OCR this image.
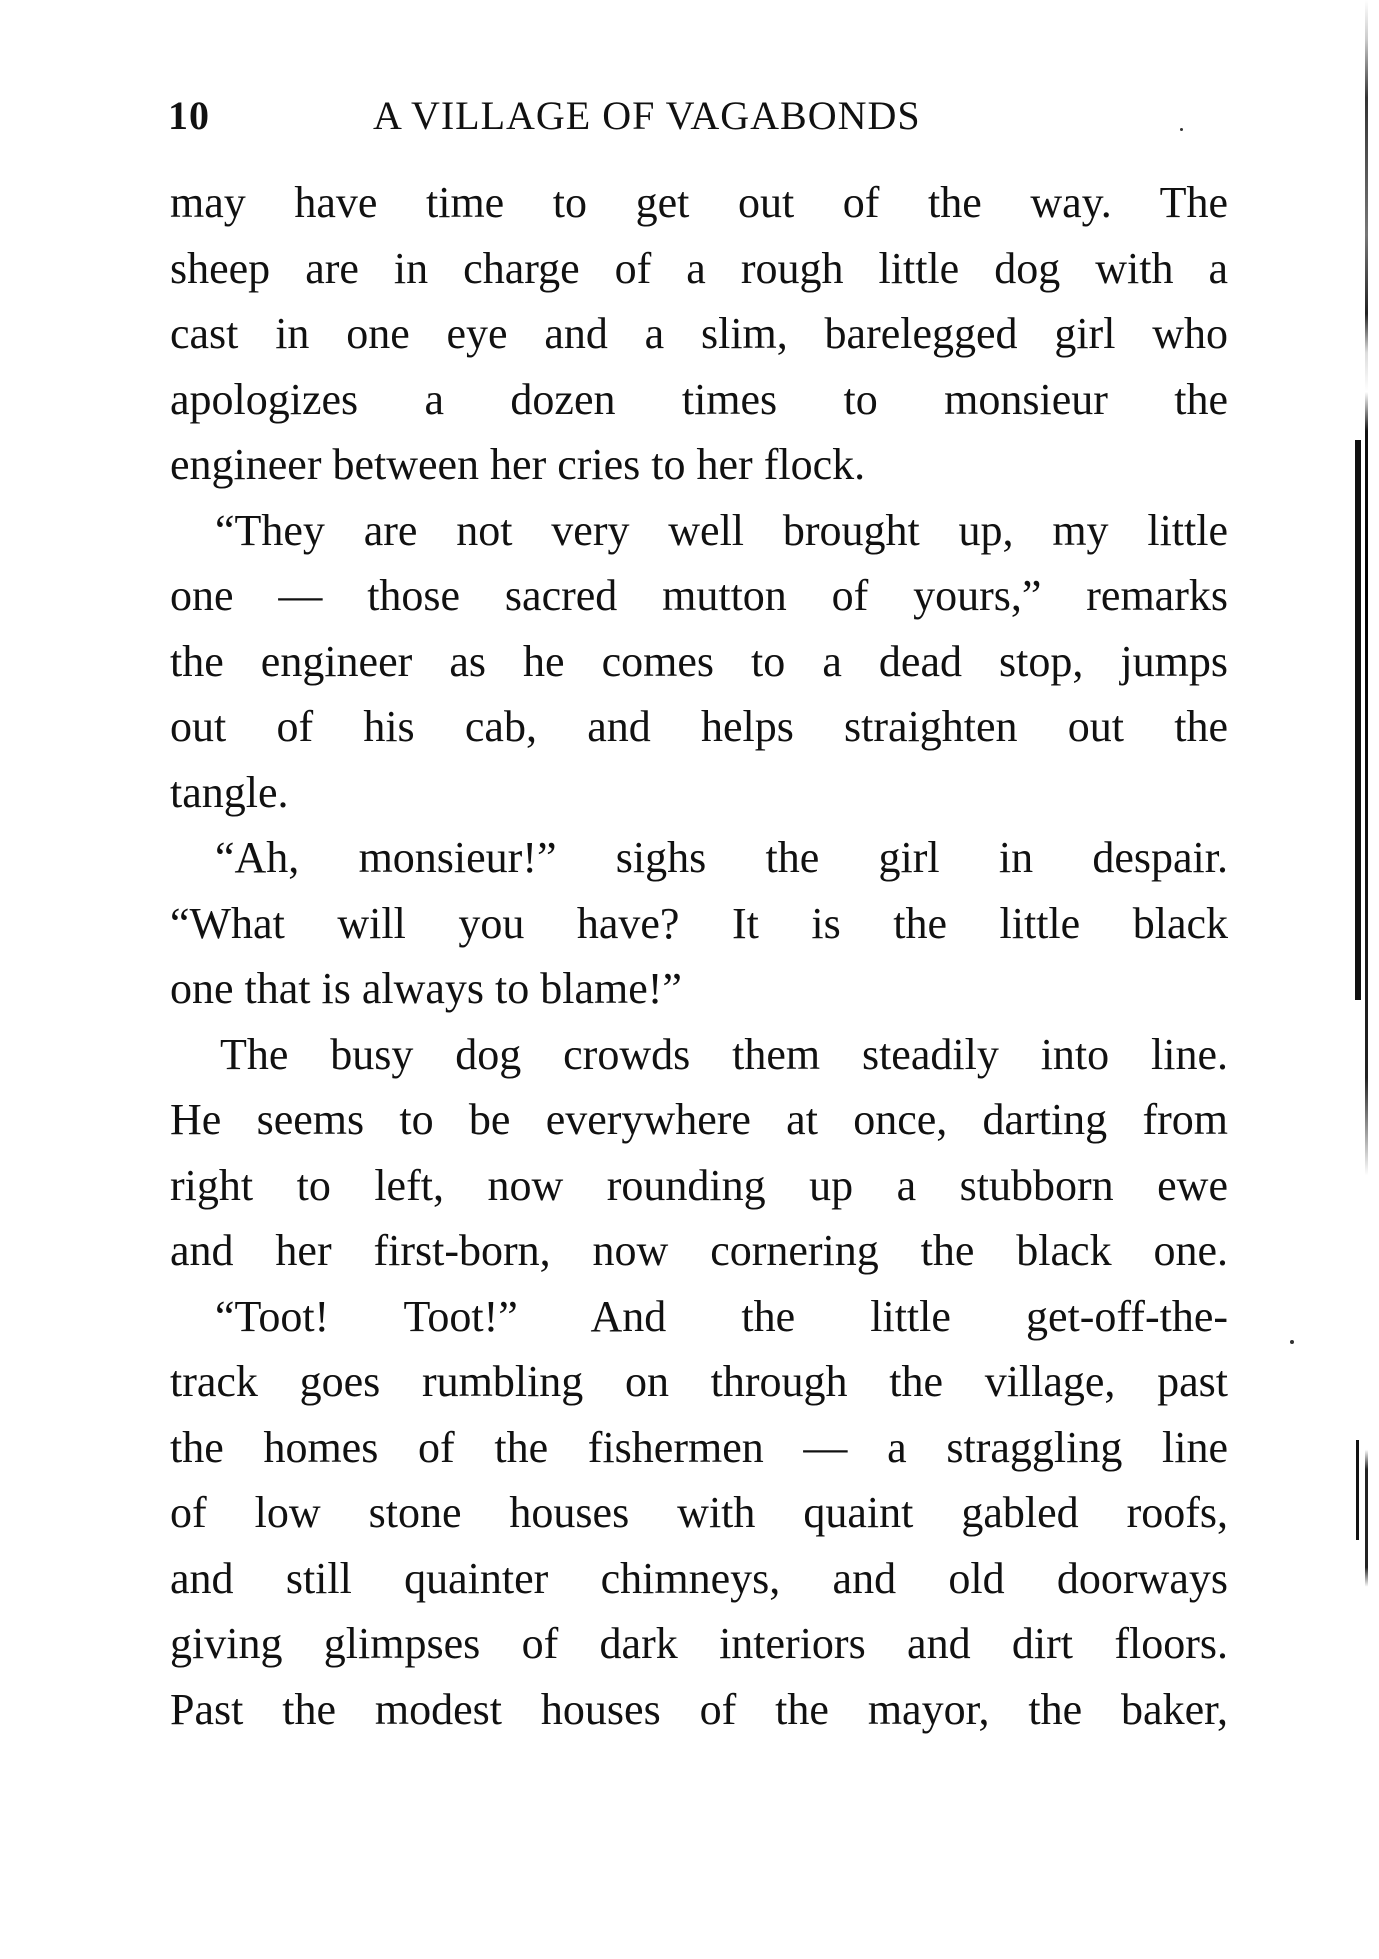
10	A VILLAGE OF VAGABONDS
may have time to get out of the way. The
sheep are in charge of a rough little dog with a
cast in one eye and a slim, barelegged girl who
apologizes a dozen times to monsieur the
engineer between her cries to her flock.
“They are not very well brought up, my little
one — those sacred mutton of yours,” remarks
the engineer as he comes to a dead stop, jumps
out of his cab, and helps straighten out the
tangle.
“Ah, monsieur!” sighs the girl in despair.
“What will you have? It is the little black
one that is always to blame!”
The busy dog crowds them steadily into line.
He seems to be everywhere at once, darting from
right to left, now rounding up a stubborn ewe
and her first-born, now cornering the black one.
“Toot! Toot!” And the little get-off-the-
track goes rumbling on through the village, past
the homes of the fishermen — a straggling line
of low stone houses with quaint gabled roofs,
and still quainter chimneys, and old doorways
giving glimpses of dark interiors and dirt floors.
Past the modest houses of the mayor, the baker,
